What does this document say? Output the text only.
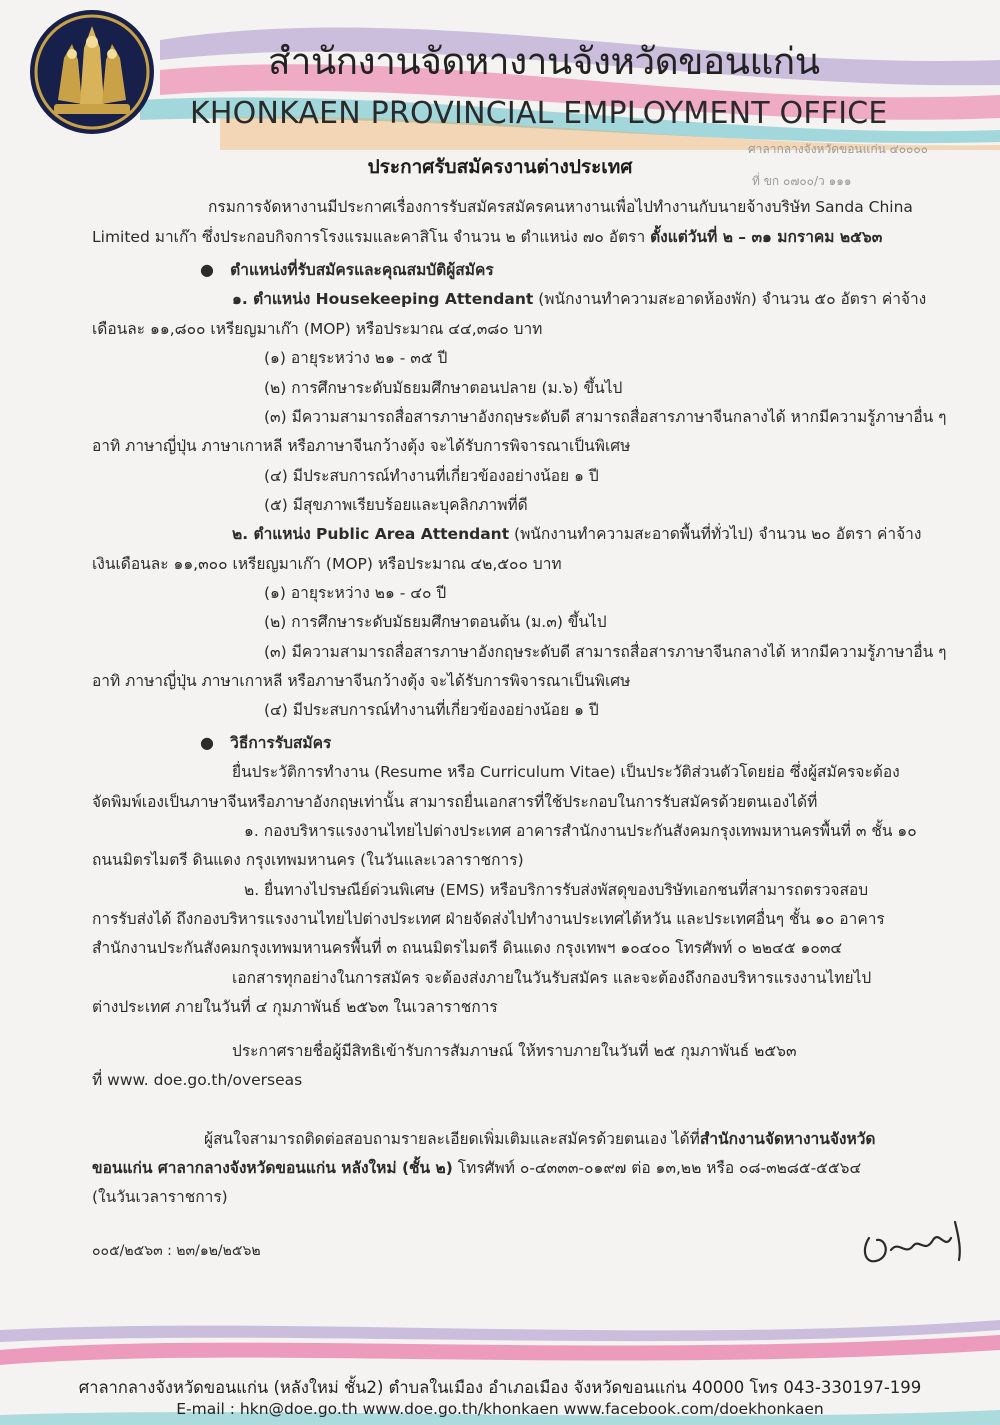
สำนักงานจัดหางานจังหวัดขอนแก่น
KHONKAEN PROVINCIAL EMPLOYMENT OFFICE
ที่ ขก ๐๗๐๐/ว ๑๑๑
ศาลากลางจังหวัดขอนแก่น ๔๐๐๐๐
ประกาศรับสมัครงานต่างประเทศ
กรมการจัดหางานมีประกาศเรื่องการรับสมัครสมัครคนหางานเพื่อไปทำงานกับนายจ้างบริษัท Sanda China
Limited มาเก๊า ซึ่งประกอบกิจการโรงแรมและคาสิโน จำนวน ๒ ตำแหน่ง ๗๐ อัตรา ตั้งแต่วันที่ ๒ – ๓๑ มกราคม ๒๕๖๓
● ตำแหน่งที่รับสมัครและคุณสมบัติผู้สมัคร
๑. ตำแหน่ง Housekeeping Attendant (พนักงานทำความสะอาดห้องพัก) จำนวน ๕๐ อัตรา ค่าจ้าง
เดือนละ ๑๑,๘๐๐ เหรียญมาเก๊า (MOP) หรือประมาณ ๔๔,๓๘๐ บาท
(๑) อายุระหว่าง ๒๑ - ๓๕ ปี
(๒) การศึกษาระดับมัธยมศึกษาตอนปลาย (ม.๖) ขึ้นไป
(๓) มีความสามารถสื่อสารภาษาอังกฤษระดับดี สามารถสื่อสารภาษาจีนกลางได้ หากมีความรู้ภาษาอื่น ๆ
อาทิ ภาษาญี่ปุ่น ภาษาเกาหลี หรือภาษาจีนกว้างตุ้ง จะได้รับการพิจารณาเป็นพิเศษ
(๔) มีประสบการณ์ทำงานที่เกี่ยวข้องอย่างน้อย ๑ ปี
(๕) มีสุขภาพเรียบร้อยและบุคลิกภาพที่ดี
๒. ตำแหน่ง Public Area Attendant (พนักงานทำความสะอาดพื้นที่ทั่วไป) จำนวน ๒๐ อัตรา ค่าจ้าง
เงินเดือนละ ๑๑,๓๐๐ เหรียญมาเก๊า (MOP) หรือประมาณ ๔๒,๕๐๐ บาท
(๑) อายุระหว่าง ๒๑ - ๔๐ ปี
(๒) การศึกษาระดับมัธยมศึกษาตอนต้น (ม.๓) ขึ้นไป
(๓) มีความสามารถสื่อสารภาษาอังกฤษระดับดี สามารถสื่อสารภาษาจีนกลางได้ หากมีความรู้ภาษาอื่น ๆ
อาทิ ภาษาญี่ปุ่น ภาษาเกาหลี หรือภาษาจีนกว้างตุ้ง จะได้รับการพิจารณาเป็นพิเศษ
(๔) มีประสบการณ์ทำงานที่เกี่ยวข้องอย่างน้อย ๑ ปี
● วิธีการรับสมัคร
ยื่นประวัติการทำงาน (Resume หรือ Curriculum Vitae) เป็นประวัติส่วนตัวโดยย่อ ซึ่งผู้สมัครจะต้อง
จัดพิมพ์เองเป็นภาษาจีนหรือภาษาอังกฤษเท่านั้น สามารถยื่นเอกสารที่ใช้ประกอบในการรับสมัครด้วยตนเองได้ที่
๑. กองบริหารแรงงานไทยไปต่างประเทศ อาคารสำนักงานประกันสังคมกรุงเทพมหานครพื้นที่ ๓ ชั้น ๑๐
ถนนมิตรไมตรี ดินแดง กรุงเทพมหานคร (ในวันและเวลาราชการ)
๒. ยื่นทางไปรษณีย์ด่วนพิเศษ (EMS) หรือบริการรับส่งพัสดุของบริษัทเอกชนที่สามารถตรวจสอบ
การรับส่งได้ ถึงกองบริหารแรงงานไทยไปต่างประเทศ ฝ่ายจัดส่งไปทำงานประเทศไต้หวัน และประเทศอื่นๆ ชั้น ๑๐ อาคาร
สำนักงานประกันสังคมกรุงเทพมหานครพื้นที่ ๓ ถนนมิตรไมตรี ดินแดง กรุงเทพฯ ๑๐๔๐๐ โทรศัพท์ ๐ ๒๒๔๕ ๑๐๓๔
เอกสารทุกอย่างในการสมัคร จะต้องส่งภายในวันรับสมัคร และจะต้องถึงกองบริหารแรงงานไทยไป
ต่างประเทศ ภายในวันที่ ๔ กุมภาพันธ์ ๒๕๖๓ ในเวลาราชการ
ประกาศรายชื่อผู้มีสิทธิเข้ารับการสัมภาษณ์ ให้ทราบภายในวันที่ ๒๕ กุมภาพันธ์ ๒๕๖๓
ที่ www. doe.go.th/overseas
ผู้สนใจสามารถติดต่อสอบถามรายละเอียดเพิ่มเติมและสมัครด้วยตนเอง ได้ที่สำนักงานจัดหางานจังหวัด
ขอนแก่น ศาลากลางจังหวัดขอนแก่น หลังใหม่ (ชั้น ๒) โทรศัพท์ ๐-๔๓๓๓-๐๑๙๗ ต่อ ๑๓,๒๒ หรือ ๐๘-๓๒๘๕-๕๕๖๔
(ในวันเวลาราชการ)
๐๐๕/๒๕๖๓ : ๒๓/๑๒/๒๕๖๒
ศาลากลางจังหวัดขอนแก่น (หลังใหม่ ชั้น2) ตำบลในเมือง อำเภอเมือง จังหวัดขอนแก่น 40000 โทร 043-330197-199
E-mail : hkn@doe.go.th www.doe.go.th/khonkaen www.facebook.com/doekhonkaen
